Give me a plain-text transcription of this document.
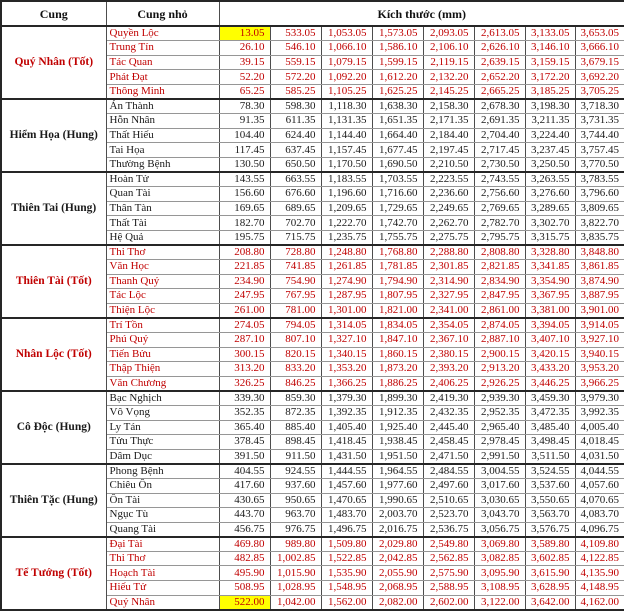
Cung	Cung nhỏ	Kích thước (mm)							
Quý Nhân (Tốt)	Quyền Lộc	13.05	533.05	1,053.05	1,573.05	2,093.05	2,613.05	3,133.05	3,653.05
	Trung Tín	26.10	546.10	1,066.10	1,586.10	2,106.10	2,626.10	3,146.10	3,666.10
	Tác Quan	39.15	559.15	1,079.15	1,599.15	2,119.15	2,639.15	3,159.15	3,679.15
	Phát Đạt	52.20	572.20	1,092.20	1,612.20	2,132.20	2,652.20	3,172.20	3,692.20
	Thông Minh	65.25	585.25	1,105.25	1,625.25	2,145.25	2,665.25	3,185.25	3,705.25
Hiểm Họa (Hung)	Án Thành	78.30	598.30	1,118.30	1,638.30	2,158.30	2,678.30	3,198.30	3,718.30
	Hỗn Nhân	91.35	611.35	1,131.35	1,651.35	2,171.35	2,691.35	3,211.35	3,731.35
	Thất Hiếu	104.40	624.40	1,144.40	1,664.40	2,184.40	2,704.40	3,224.40	3,744.40
	Tai Họa	117.45	637.45	1,157.45	1,677.45	2,197.45	2,717.45	3,237.45	3,757.45
	Thường Bệnh	130.50	650.50	1,170.50	1,690.50	2,210.50	2,730.50	3,250.50	3,770.50
Thiên Tai (Hung)	Hoàn Tử	143.55	663.55	1,183.55	1,703.55	2,223.55	2,743.55	3,263.55	3,783.55
	Quan Tài	156.60	676.60	1,196.60	1,716.60	2,236.60	2,756.60	3,276.60	3,796.60
	Thân Tàn	169.65	689.65	1,209.65	1,729.65	2,249.65	2,769.65	3,289.65	3,809.65
	Thất Tài	182.70	702.70	1,222.70	1,742.70	2,262.70	2,782.70	3,302.70	3,822.70
	Hệ Quả	195.75	715.75	1,235.75	1,755.75	2,275.75	2,795.75	3,315.75	3,835.75
Thiên Tài (Tốt)	Thi Thơ	208.80	728.80	1,248.80	1,768.80	2,288.80	2,808.80	3,328.80	3,848.80
	Văn Học	221.85	741.85	1,261.85	1,781.85	2,301.85	2,821.85	3,341.85	3,861.85
	Thanh Quý	234.90	754.90	1,274.90	1,794.90	2,314.90	2,834.90	3,354.90	3,874.90
	Tác Lộc	247.95	767.95	1,287.95	1,807.95	2,327.95	2,847.95	3,367.95	3,887.95
	Thiện Lộc	261.00	781.00	1,301.00	1,821.00	2,341.00	2,861.00	3,381.00	3,901.00
Nhân Lộc (Tốt)	Trí Tồn	274.05	794.05	1,314.05	1,834.05	2,354.05	2,874.05	3,394.05	3,914.05
	Phú Quý	287.10	807.10	1,327.10	1,847.10	2,367.10	2,887.10	3,407.10	3,927.10
	Tiến Bửu	300.15	820.15	1,340.15	1,860.15	2,380.15	2,900.15	3,420.15	3,940.15
	Thập Thiện	313.20	833.20	1,353.20	1,873.20	2,393.20	2,913.20	3,433.20	3,953.20
	Văn Chương	326.25	846.25	1,366.25	1,886.25	2,406.25	2,926.25	3,446.25	3,966.25
Cô Độc (Hung)	Bạc Nghịch	339.30	859.30	1,379.30	1,899.30	2,419.30	2,939.30	3,459.30	3,979.30
	Vô Vọng	352.35	872.35	1,392.35	1,912.35	2,432.35	2,952.35	3,472.35	3,992.35
	Ly Tán	365.40	885.40	1,405.40	1,925.40	2,445.40	2,965.40	3,485.40	4,005.40
	Tửu Thực	378.45	898.45	1,418.45	1,938.45	2,458.45	2,978.45	3,498.45	4,018.45
	Dâm Dục	391.50	911.50	1,431.50	1,951.50	2,471.50	2,991.50	3,511.50	4,031.50
Thiên Tặc (Hung)	Phong Bệnh	404.55	924.55	1,444.55	1,964.55	2,484.55	3,004.55	3,524.55	4,044.55
	Chiêu Ôn	417.60	937.60	1,457.60	1,977.60	2,497.60	3,017.60	3,537.60	4,057.60
	Ôn Tài	430.65	950.65	1,470.65	1,990.65	2,510.65	3,030.65	3,550.65	4,070.65
	Ngục Tù	443.70	963.70	1,483.70	2,003.70	2,523.70	3,043.70	3,563.70	4,083.70
	Quang Tài	456.75	976.75	1,496.75	2,016.75	2,536.75	3,056.75	3,576.75	4,096.75
Tể Tướng (Tốt)	Đại Tài	469.80	989.80	1,509.80	2,029.80	2,549.80	3,069.80	3,589.80	4,109.80
	Thi Thơ	482.85	1,002.85	1,522.85	2,042.85	2,562.85	3,082.85	3,602.85	4,122.85
	Hoạch Tài	495.90	1,015.90	1,535.90	2,055.90	2,575.90	3,095.90	3,615.90	4,135.90
	Hiếu Tử	508.95	1,028.95	1,548.95	2,068.95	2,588.95	3,108.95	3,628.95	4,148.95
	Quý Nhân	522.00	1,042.00	1,562.00	2,082.00	2,602.00	3,122.00	3,642.00	4,162.00
